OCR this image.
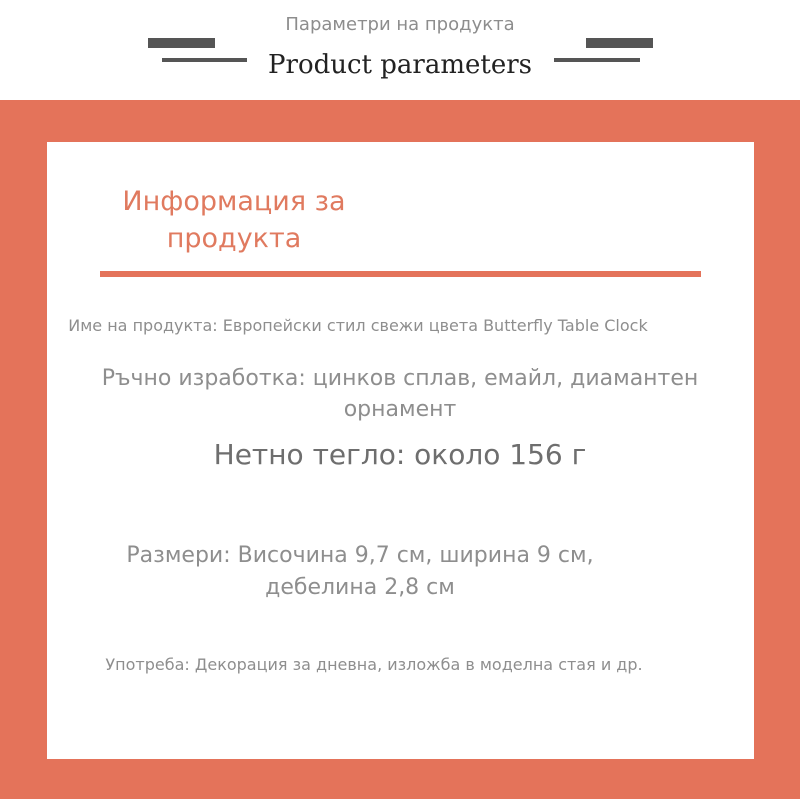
Параметри на продукта
Product parameters
Информация за продукта
Име на продукта: Европейски стил свежи цвета Butterfly Table Clock
Ръчно изработка: цинков сплав, емайл, диамантен орнамент
Нетно тегло: около 156 г
Размери: Височина 9,7 см, ширина 9 см, дебелина 2,8 см
Употреба: Декорация за дневна, изложба в моделна стая и др.
